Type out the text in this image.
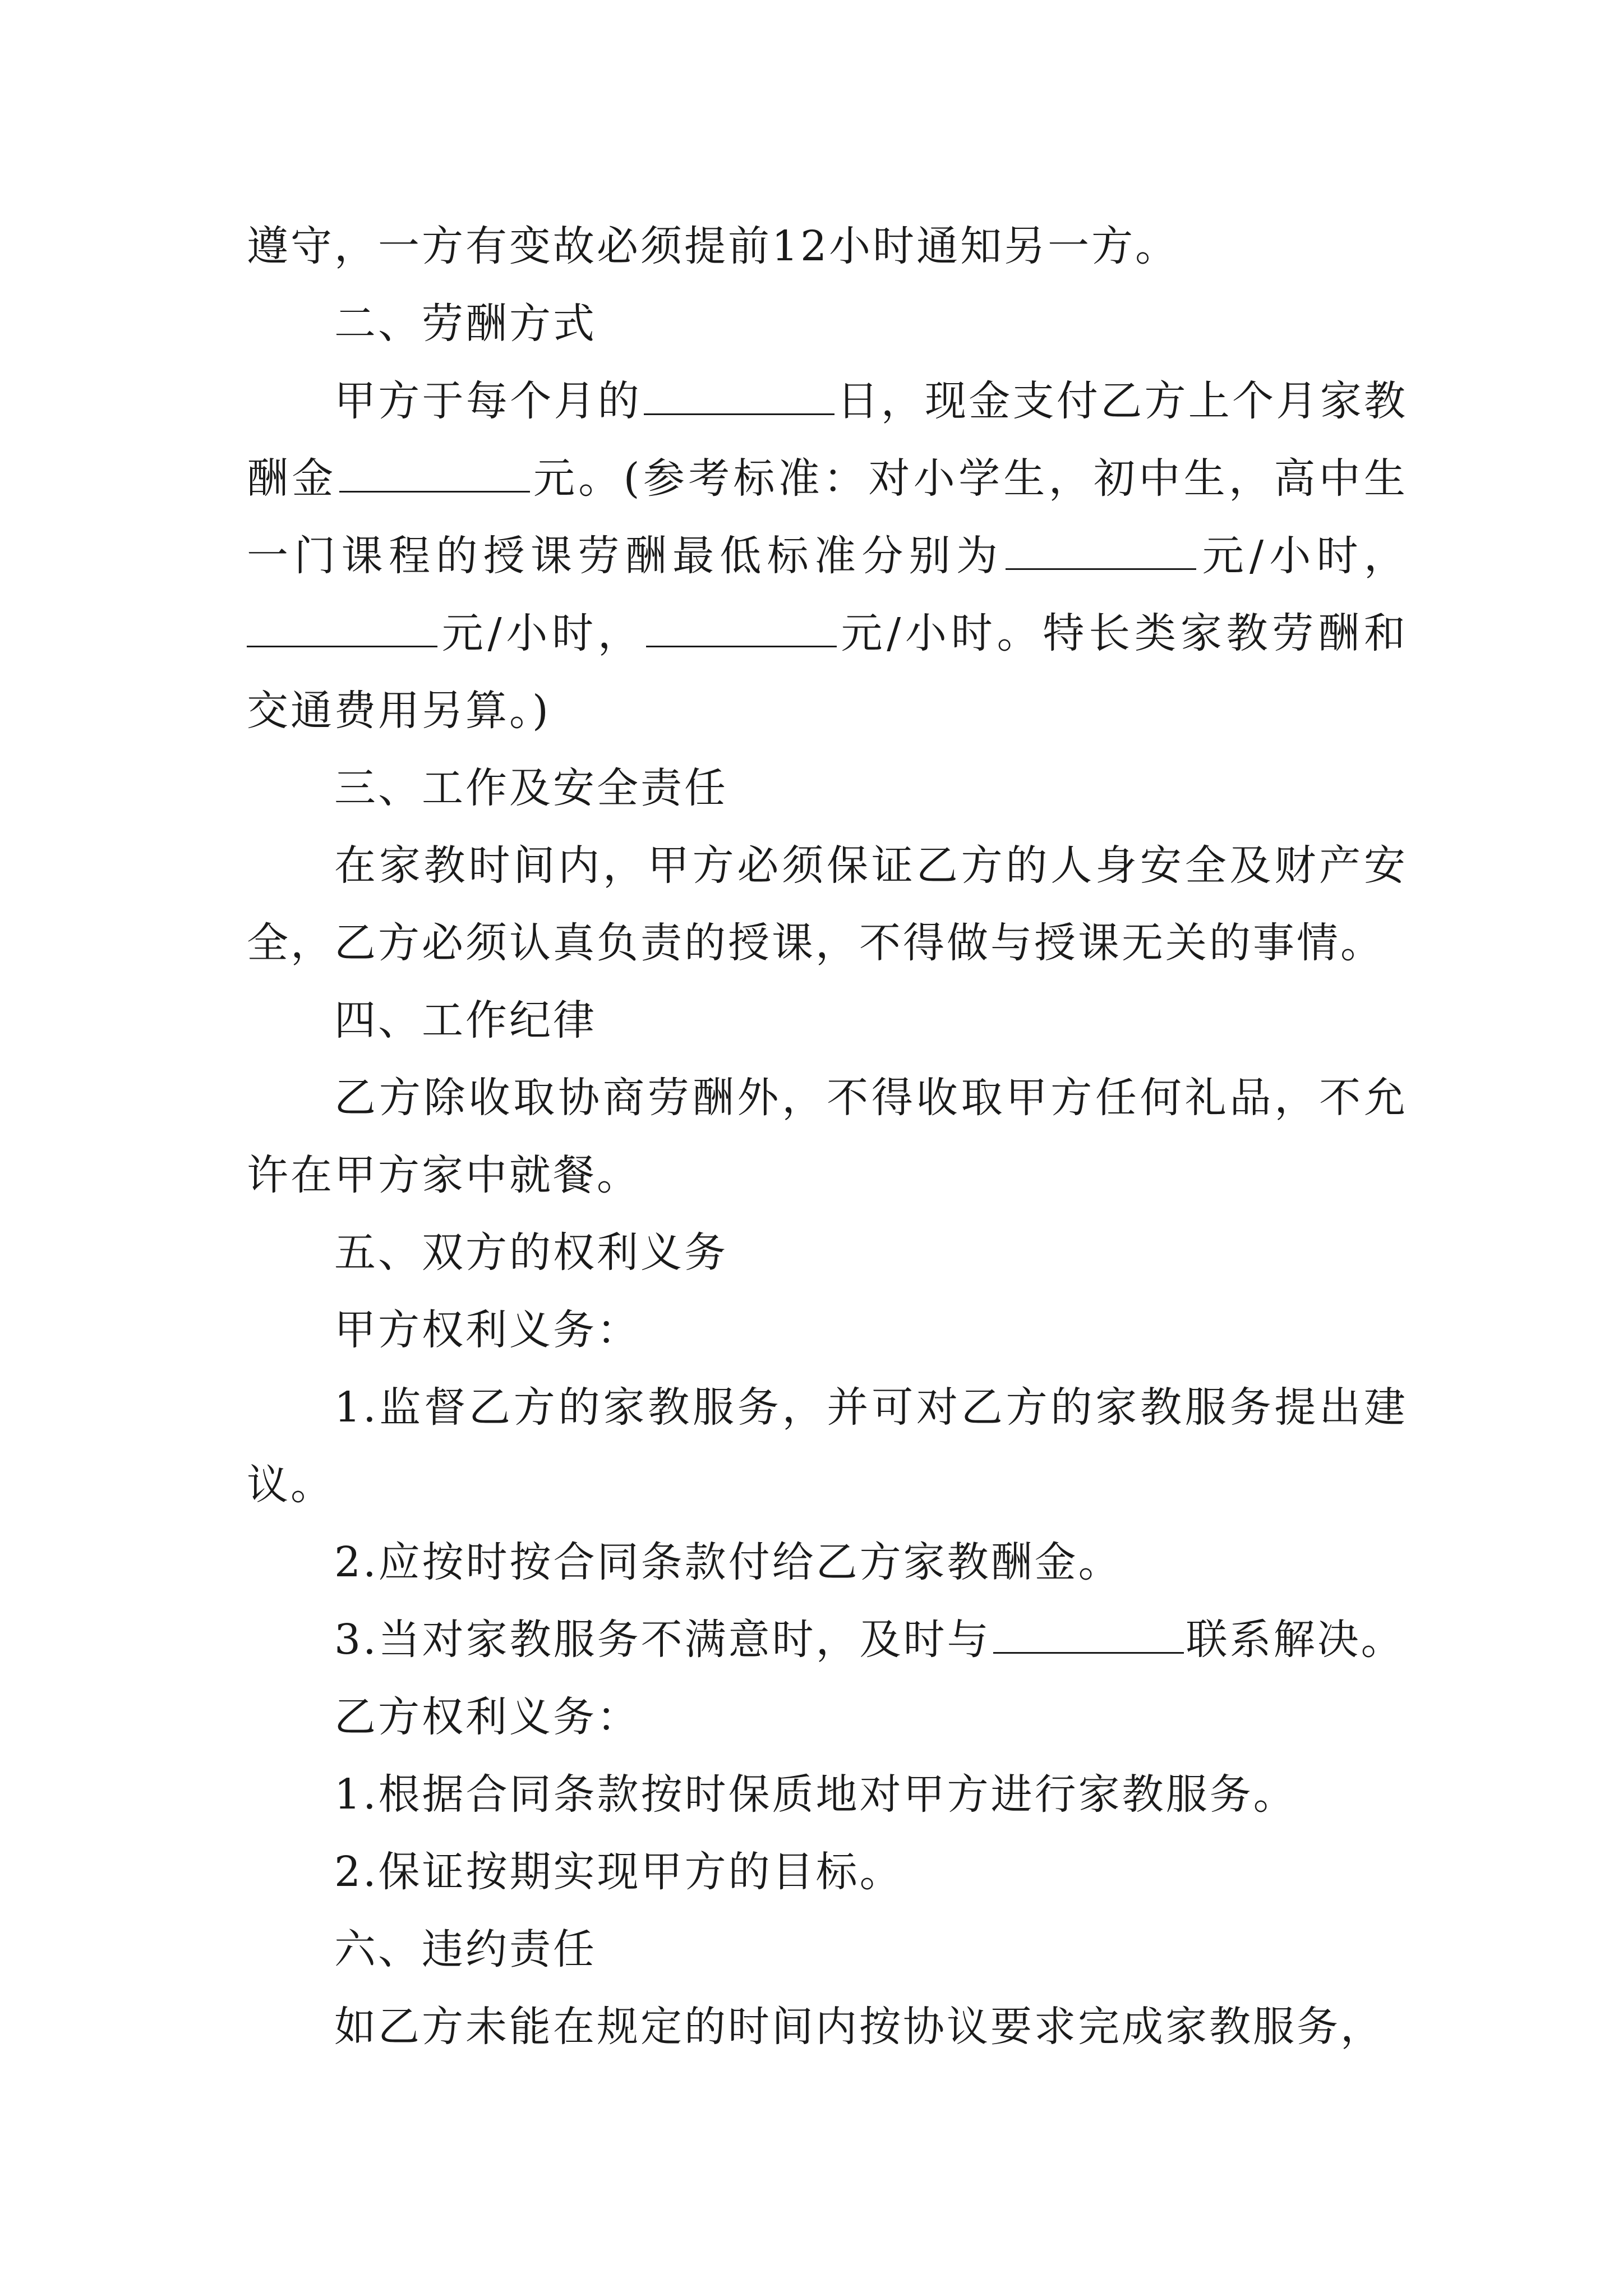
遵守，一方有变故必须提前12小时通知另一方。

二、劳酬方式

甲方于每个月的	日，现金支付乙方上个月家教酬金	元。(参考标准：对小学生，初中生，高中生一门课程的授课劳酬最低标准分别为	元/小时，元/小时，	元/小时。特长类家教劳酬和交通费用另算。)

三、工作及安全责任

在家教时间内，甲方必须保证乙方的人身安全及财产安全，乙方必须认真负责的授课，不得做与授课无关的事情。

四、工作纪律

乙方除收取协商劳酬外，不得收取甲方任何礼品，不允许在甲方家中就餐。

五、双方的权利义务

甲方权利义务：

1.监督乙方的家教服务，并可对乙方的家教服务提出建议。

2.应按时按合同条款付给乙方家教酬金。

3.当对家教服务不满意时，及时与	联系解决。

乙方权利义务：

1.根据合同条款按时保质地对甲方进行家教服务。

2.保证按期实现甲方的目标。

六、违约责任

如乙方未能在规定的时间内按协议要求完成家教服务，
